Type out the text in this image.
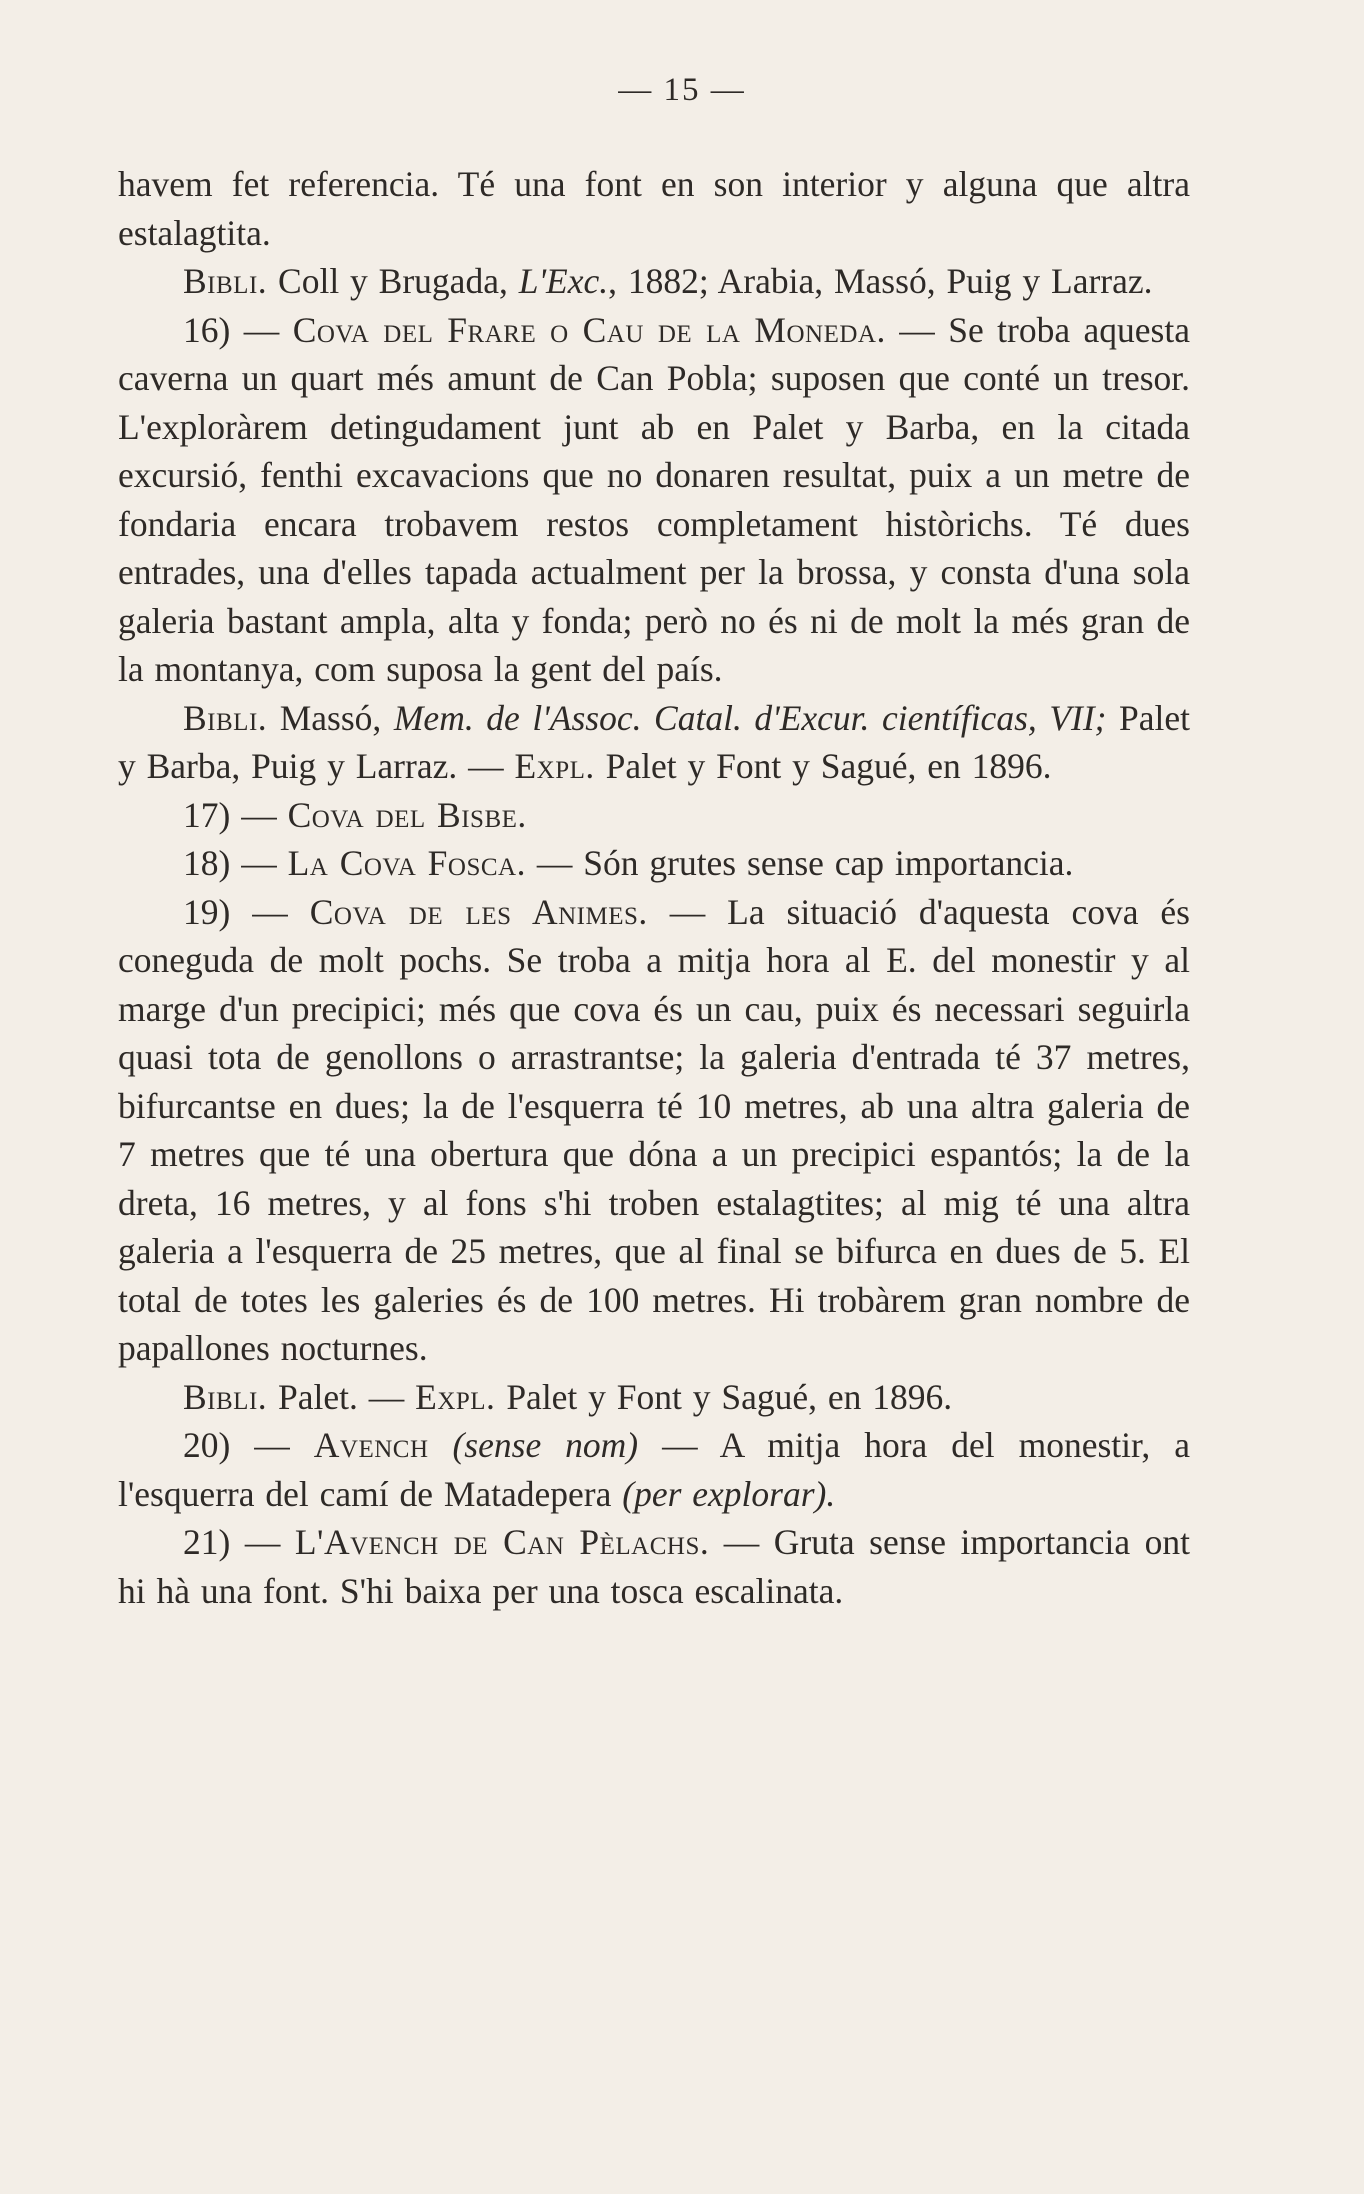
— 15 —

havem fet referencia. Té una font en son interior y alguna que altra estalagtita.

Bibli. Coll y Brugada, L'Exc., 1882; Arabia, Massó, Puig y Larraz.

16) — Cova del Frare o Cau de la Moneda. — Se troba aquesta caverna un quart més amunt de Can Pobla; suposen que conté un tresor. L'exploràrem detingudament junt ab en Palet y Barba, en la citada excursió, fenthi excavacions que no donaren resultat, puix a un metre de fondaria encara trobavem restos completament històrichs. Té dues entrades, una d'elles tapada actualment per la brossa, y consta d'una sola galeria bastant ampla, alta y fonda; però no és ni de molt la més gran de la montanya, com suposa la gent del país.

Bibli. Massó, Mem. de l'Assoc. Catal. d'Excur. científicas, VII; Palet y Barba, Puig y Larraz. — Expl. Palet y Font y Sagué, en 1896.

17) — Cova del Bisbe.

18) — La Cova Fosca. — Són grutes sense cap importancia.

19) — Cova de les Animes. — La situació d'aquesta cova és coneguda de molt pochs. Se troba a mitja hora al E. del monestir y al marge d'un precipici; més que cova és un cau, puix és necessari seguirla quasi tota de genollons o arrastrantse; la galeria d'entrada té 37 metres, bifurcantse en dues; la de l'esquerra té 10 metres, ab una altra galeria de 7 metres que té una obertura que dóna a un precipici espantós; la de la dreta, 16 metres, y al fons s'hi troben estalagtites; al mig té una altra galeria a l'esquerra de 25 metres, que al final se bifurca en dues de 5. El total de totes les galeries és de 100 metres. Hi trobàrem gran nombre de papallones nocturnes.

Bibli. Palet. — Expl. Palet y Font y Sagué, en 1896.

20) — Avench (sense nom) — A mitja hora del monestir, a l'esquerra del camí de Matadepera (per explorar).

21) — L'Avench de Can Pèlachs. — Gruta sense importancia ont hi hà una font. S'hi baixa per una tosca escalinata.
